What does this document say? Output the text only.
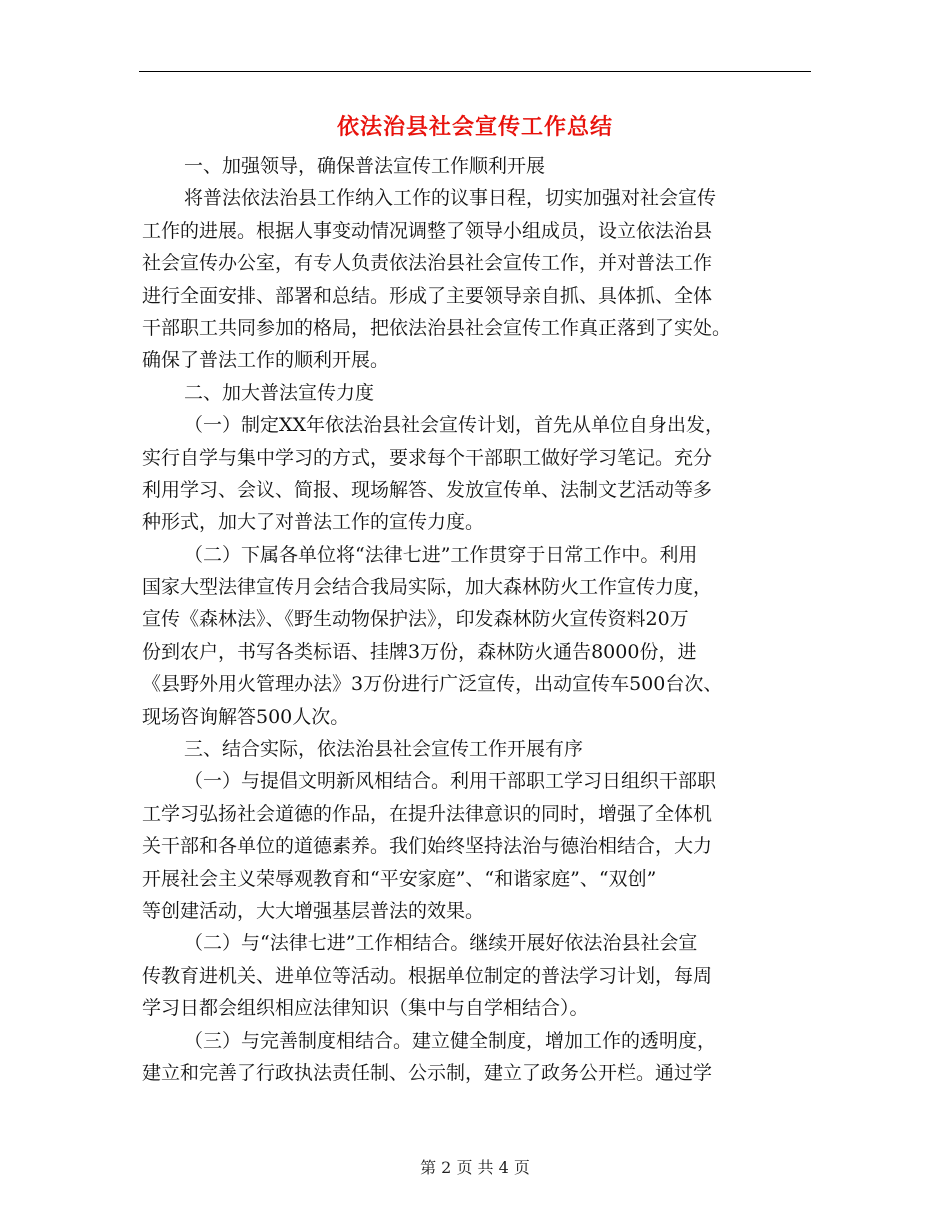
依法治县社会宣传工作总结
一、加强领导，确保普法宣传工作顺利开展
将普法依法治县工作纳入工作的议事日程，切实加强对社会宣传
工作的进展。根据人事变动情况调整了领导小组成员，设立依法治县
社会宣传办公室，有专人负责依法治县社会宣传工作，并对普法工作
进行全面安排、部署和总结。形成了主要领导亲自抓、具体抓、全体
干部职工共同参加的格局，把依法治县社会宣传工作真正落到了实处。
确保了普法工作的顺利开展。
二、加大普法宣传力度
（一）制定XX年依法治县社会宣传计划，首先从单位自身出发，
实行自学与集中学习的方式，要求每个干部职工做好学习笔记。充分
利用学习、会议、简报、现场解答、发放宣传单、法制文艺活动等多
种形式，加大了对普法工作的宣传力度。
（二）下属各单位将“法律七进”工作贯穿于日常工作中。利用
国家大型法律宣传月会结合我局实际，加大森林防火工作宣传力度，
宣传《森林法》、《野生动物保护法》，印发森林防火宣传资料20万
份到农户，书写各类标语、挂牌3万份，森林防火通告8000份，进
《县野外用火管理办法》3万份进行广泛宣传，出动宣传车500台次、
现场咨询解答500人次。
三、结合实际，依法治县社会宣传工作开展有序
（一）与提倡文明新风相结合。利用干部职工学习日组织干部职
工学习弘扬社会道德的作品，在提升法律意识的同时，增强了全体机
关干部和各单位的道德素养。我们始终坚持法治与德治相结合，大力
开展社会主义荣辱观教育和“平安家庭”、“和谐家庭”、“双创”
等创建活动，大大增强基层普法的效果。
（二）与“法律七进”工作相结合。继续开展好依法治县社会宣
传教育进机关、进单位等活动。根据单位制定的普法学习计划，每周
学习日都会组织相应法律知识（集中与自学相结合）。
（三）与完善制度相结合。建立健全制度，增加工作的透明度，
建立和完善了行政执法责任制、公示制，建立了政务公开栏。通过学
第 2 页 共 4 页
